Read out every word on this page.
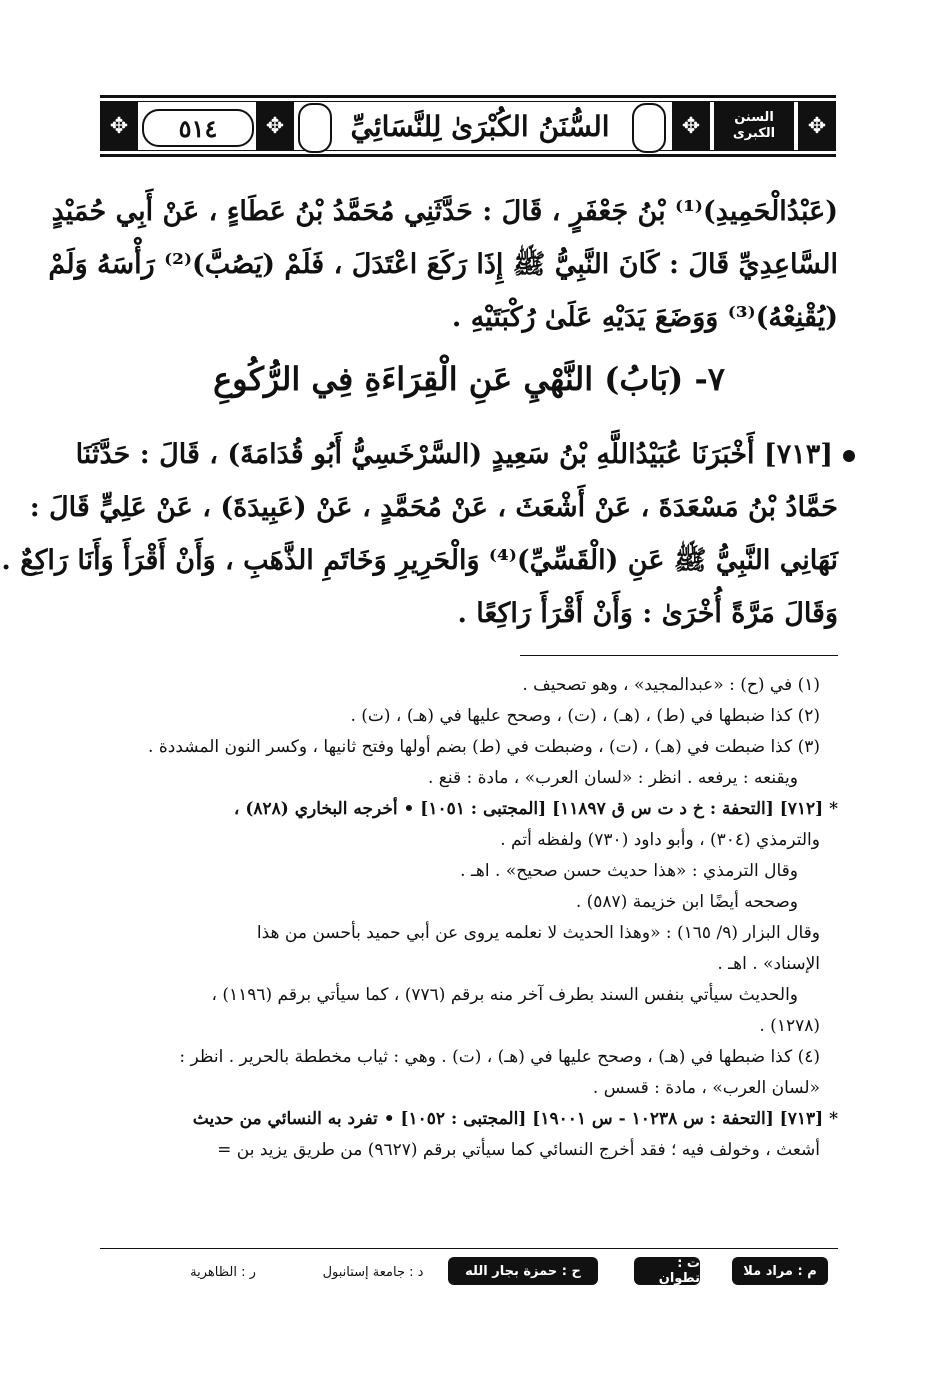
✥	٥١٤	✥	السُّنَنُ الكُبْرَىٰ لِلنَّسَائِيِّ	✥	السنن الكبرى	✥
(عَبْدُالْحَمِيدِ)⁽¹⁾ بْنُ جَعْفَرٍ ، قَالَ : حَدَّثَنِي مُحَمَّدُ بْنُ عَطَاءٍ ، عَنْ أَبِي حُمَيْدٍ
السَّاعِدِيِّ قَالَ : كَانَ النَّبِيُّ ﷺ إِذَا رَكَعَ اعْتَدَلَ ، فَلَمْ (يَصُبَّ)⁽²⁾ رَأْسَهُ وَلَمْ
(يُقْنِعْهُ)⁽³⁾ وَوَضَعَ يَدَيْهِ عَلَىٰ رُكْبَتَيْهِ .
٧- (بَابُ) النَّهْيِ عَنِ الْقِرَاءَةِ فِي الرُّكُوعِ
[٧١٣] أَخْبَرَنَا عُبَيْدُاللَّهِ بْنُ سَعِيدٍ (السَّرْخَسِيُّ أَبُو قُدَامَةَ) ، قَالَ : حَدَّثَنَا
حَمَّادُ بْنُ مَسْعَدَةَ ، عَنْ أَشْعَثَ ، عَنْ مُحَمَّدٍ ، عَنْ (عَبِيدَةَ) ، عَنْ عَلِيٍّ قَالَ :
نَهَانِي النَّبِيُّ ﷺ عَنِ (الْقَسِّيِّ)⁽⁴⁾ وَالْحَرِيرِ وَخَاتَمِ الذَّهَبِ ، وَأَنْ أَقْرَأَ وَأَنَا رَاكِعٌ .
وَقَالَ مَرَّةً أُخْرَىٰ : وَأَنْ أَقْرَأَ رَاكِعًا .
(١) في (ح) : «عبدالمجيد» ، وهو تصحيف .
(٢) كذا ضبطها في (ط) ، (هـ) ، (ت) ، وصحح عليها في (هـ) ، (ت) .
(٣) كذا ضبطت في (هـ) ، (ت) ، وضبطت في (ط) بضم أولها وفتح ثانيها ، وكسر النون المشددة .
ويقنعه : يرفعه . انظر : «لسان العرب» ، مادة : قنع .
* [٧١٢] [التحفة : خ د ت س ق ١١٨٩٧] [المجتبى : ١٠٥١] • أخرجه البخاري (٨٢٨) ،
والترمذي (٣٠٤) ، وأبو داود (٧٣٠) ولفظه أتم .
وقال الترمذي : «هذا حديث حسن صحيح» . اهـ .
وصححه أيضًا ابن خزيمة (٥٨٧) .
وقال البزار (٩/ ١٦٥) : «وهذا الحديث لا نعلمه يروى عن أبي حميد بأحسن من هذا
الإسناد» . اهـ .
والحديث سيأتي بنفس السند بطرف آخر منه برقم (٧٧٦) ، كما سيأتي برقم (١١٩٦) ،
(١٢٧٨) .
(٤) كذا ضبطها في (هـ) ، وصحح عليها في (هـ) ، (ت) . وهي : ثياب مخططة بالحرير . انظر :
«لسان العرب» ، مادة : قسس .
* [٧١٣] [التحفة : س ١٠٢٣٨ - س ١٩٠٠١] [المجتبى : ١٠٥٢] • تفرد به النسائي من حديث
أشعث ، وخولف فيه ؛ فقد أخرج النسائي كما سيأتي برقم (٩٦٢٧) من طريق يزيد بن =
م : مراد ملا
ت : تطوان
ح : حمزة بجار الله
د : جامعة إستانبول
ر : الظاهرية
